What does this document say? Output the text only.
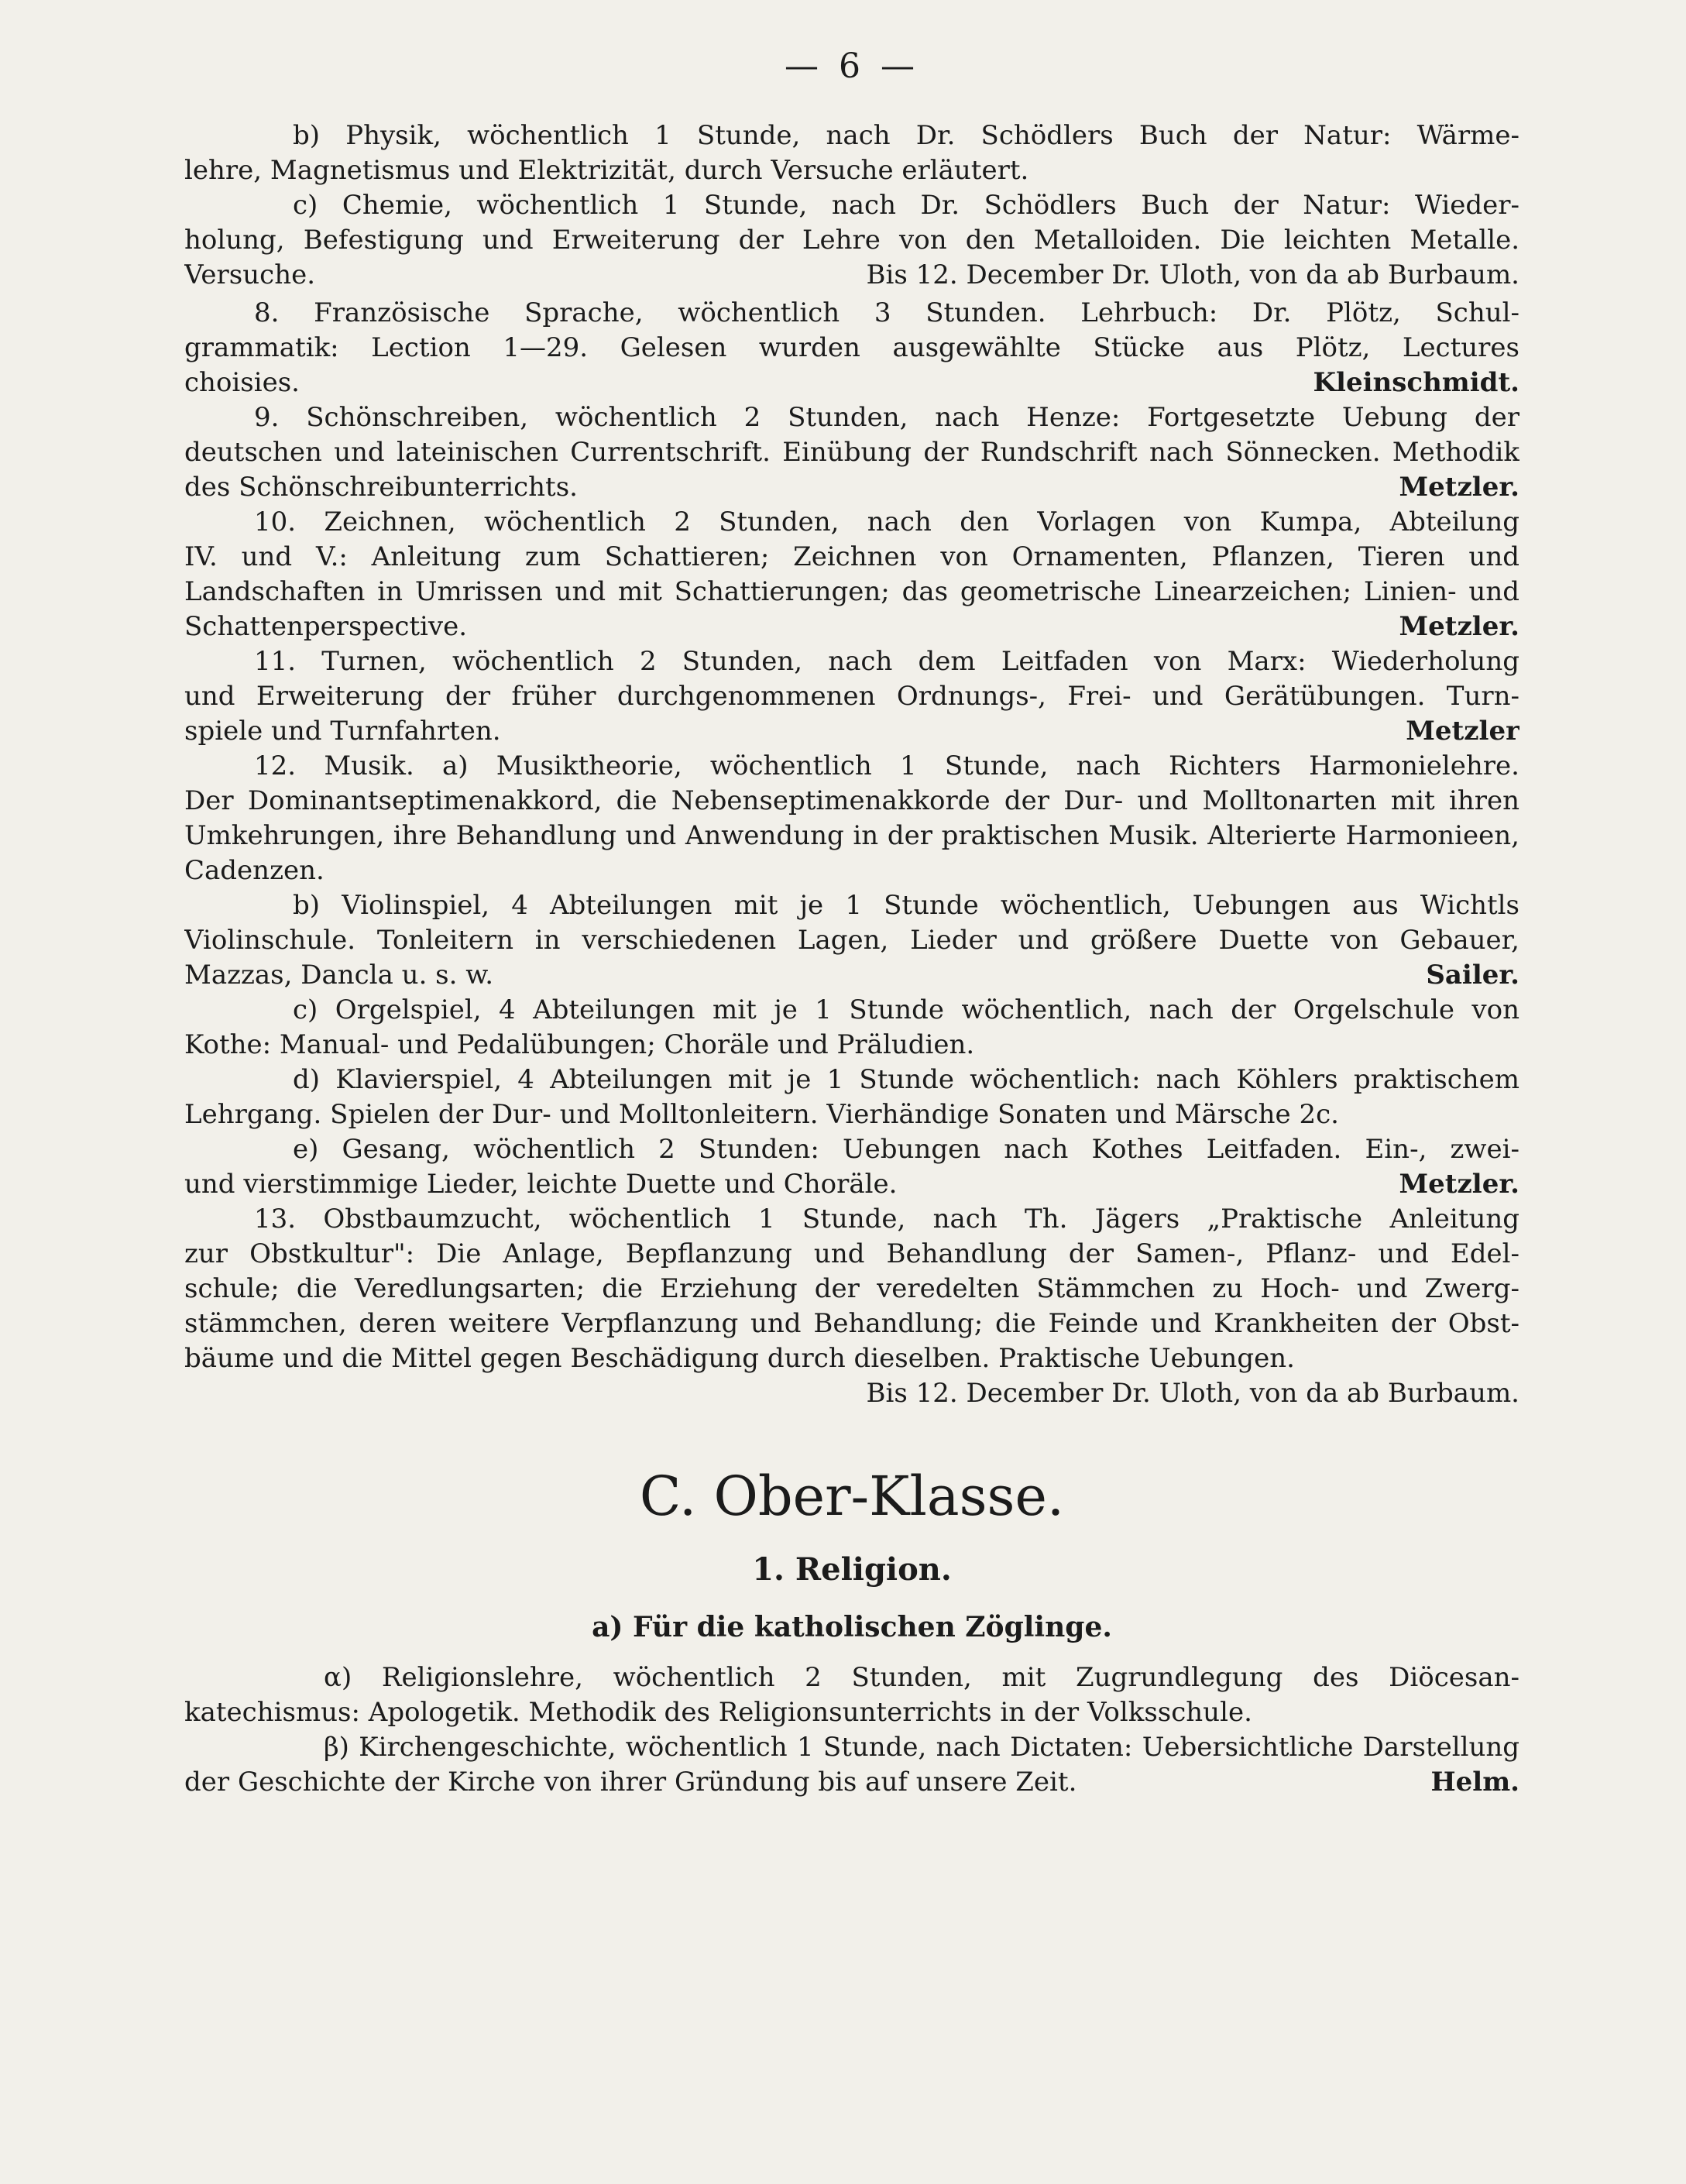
— 6 —
b) Physik, wöchentlich 1 Stunde, nach Dr. Schödlers Buch der Natur: Wärme-
lehre, Magnetismus und Elektrizität, durch Versuche erläutert.
c) Chemie, wöchentlich 1 Stunde, nach Dr. Schödlers Buch der Natur: Wieder-
holung, Befestigung und Erweiterung der Lehre von den Metalloiden. Die leichten Metalle.
Versuche.	Bis 12. December Dr. Uloth, von da ab Burbaum.
8. Französische Sprache, wöchentlich 3 Stunden. Lehrbuch: Dr. Plötz, Schul-
grammatik: Lection 1—29. Gelesen wurden ausgewählte Stücke aus Plötz, Lectures
choisies.	Kleinschmidt.
9. Schönschreiben, wöchentlich 2 Stunden, nach Henze: Fortgesetzte Uebung der
deutschen und lateinischen Currentschrift. Einübung der Rundschrift nach Sönnecken. Methodik
des Schönschreibunterrichts.	Metzler.
10. Zeichnen, wöchentlich 2 Stunden, nach den Vorlagen von Kumpa, Abteilung
IV. und V.: Anleitung zum Schattieren; Zeichnen von Ornamenten, Pflanzen, Tieren und
Landschaften in Umrissen und mit Schattierungen; das geometrische Linearzeichen; Linien- und
Schattenperspective.	Metzler.
11. Turnen, wöchentlich 2 Stunden, nach dem Leitfaden von Marx: Wiederholung
und Erweiterung der früher durchgenommenen Ordnungs-, Frei- und Gerätübungen. Turn-
spiele und Turnfahrten.	Metzler
12. Musik. a) Musiktheorie, wöchentlich 1 Stunde, nach Richters Harmonielehre.
Der Dominantseptimenakkord, die Nebenseptimenakkorde der Dur- und Molltonarten mit ihren
Umkehrungen, ihre Behandlung und Anwendung in der praktischen Musik. Alterierte Harmonieen,
Cadenzen.
b) Violinspiel, 4 Abteilungen mit je 1 Stunde wöchentlich, Uebungen aus Wichtls
Violinschule. Tonleitern in verschiedenen Lagen, Lieder und größere Duette von Gebauer,
Mazzas, Dancla u. s. w.	Sailer.
c) Orgelspiel, 4 Abteilungen mit je 1 Stunde wöchentlich, nach der Orgelschule von
Kothe: Manual- und Pedalübungen; Choräle und Präludien.
d) Klavierspiel, 4 Abteilungen mit je 1 Stunde wöchentlich: nach Köhlers praktischem
Lehrgang. Spielen der Dur- und Molltonleitern. Vierhändige Sonaten und Märsche 2c.
e) Gesang, wöchentlich 2 Stunden: Uebungen nach Kothes Leitfaden. Ein-, zwei-
und vierstimmige Lieder, leichte Duette und Choräle.	Metzler.
13. Obstbaumzucht, wöchentlich 1 Stunde, nach Th. Jägers „Praktische Anleitung
zur Obstkultur": Die Anlage, Bepflanzung und Behandlung der Samen-, Pflanz- und Edel-
schule; die Veredlungsarten; die Erziehung der veredelten Stämmchen zu Hoch- und Zwerg-
stämmchen, deren weitere Verpflanzung und Behandlung; die Feinde und Krankheiten der Obst-
bäume und die Mittel gegen Beschädigung durch dieselben. Praktische Uebungen.
Bis 12. December Dr. Uloth, von da ab Burbaum.
C. Ober-Klasse.
1. Religion.
a) Für die katholischen Zöglinge.
α) Religionslehre, wöchentlich 2 Stunden, mit Zugrundlegung des Diöcesan-
katechismus: Apologetik. Methodik des Religionsunterrichts in der Volksschule.
β) Kirchengeschichte, wöchentlich 1 Stunde, nach Dictaten: Uebersichtliche Darstellung
der Geschichte der Kirche von ihrer Gründung bis auf unsere Zeit.	Helm.
